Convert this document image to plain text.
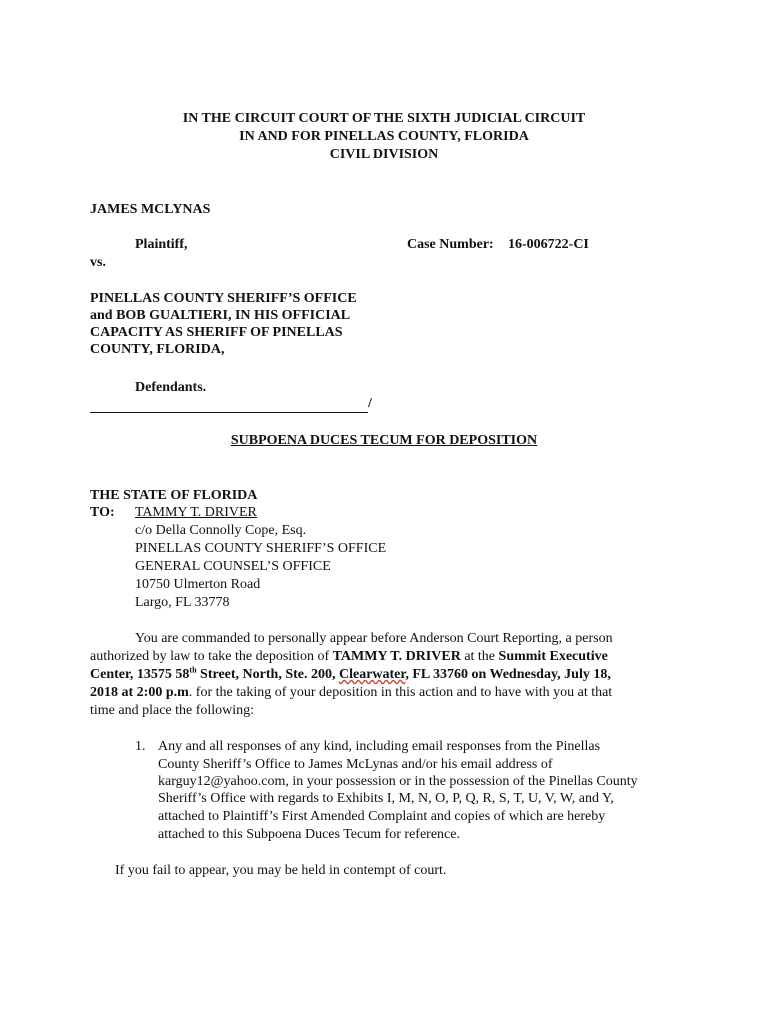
IN THE CIRCUIT COURT OF THE SIXTH JUDICIAL CIRCUIT
IN AND FOR PINELLAS COUNTY, FLORIDA
CIVIL DIVISION
JAMES MCLYNAS
Plaintiff,	Case Number: 16-006722-CI
vs.
PINELLAS COUNTY SHERIFF’S OFFICE
and BOB GUALTIERI, IN HIS OFFICIAL
CAPACITY AS SHERIFF OF PINELLAS
COUNTY, FLORIDA,
Defendants.
/
SUBPOENA DUCES TECUM FOR DEPOSITION
THE STATE OF FLORIDA
TO: TAMMY T. DRIVER
c/o Della Connolly Cope, Esq.
PINELLAS COUNTY SHERIFF’S OFFICE
GENERAL COUNSEL’S OFFICE
10750 Ulmerton Road
Largo, FL 33778
You are commanded to personally appear before Anderson Court Reporting, a person
authorized by law to take the deposition of TAMMY T. DRIVER at the Summit Executive
Center, 13575 58th Street, North, Ste. 200, Clearwater, FL 33760 on Wednesday, July 18,
2018 at 2:00 p.m. for the taking of your deposition in this action and to have with you at that
time and place the following:
1. Any and all responses of any kind, including email responses from the Pinellas
County Sheriff’s Office to James McLynas and/or his email address of
karguy12@yahoo.com, in your possession or in the possession of the Pinellas County
Sheriff’s Office with regards to Exhibits I, M, N, O, P, Q, R, S, T, U, V, W, and Y,
attached to Plaintiff’s First Amended Complaint and copies of which are hereby
attached to this Subpoena Duces Tecum for reference.
If you fail to appear, you may be held in contempt of court.
